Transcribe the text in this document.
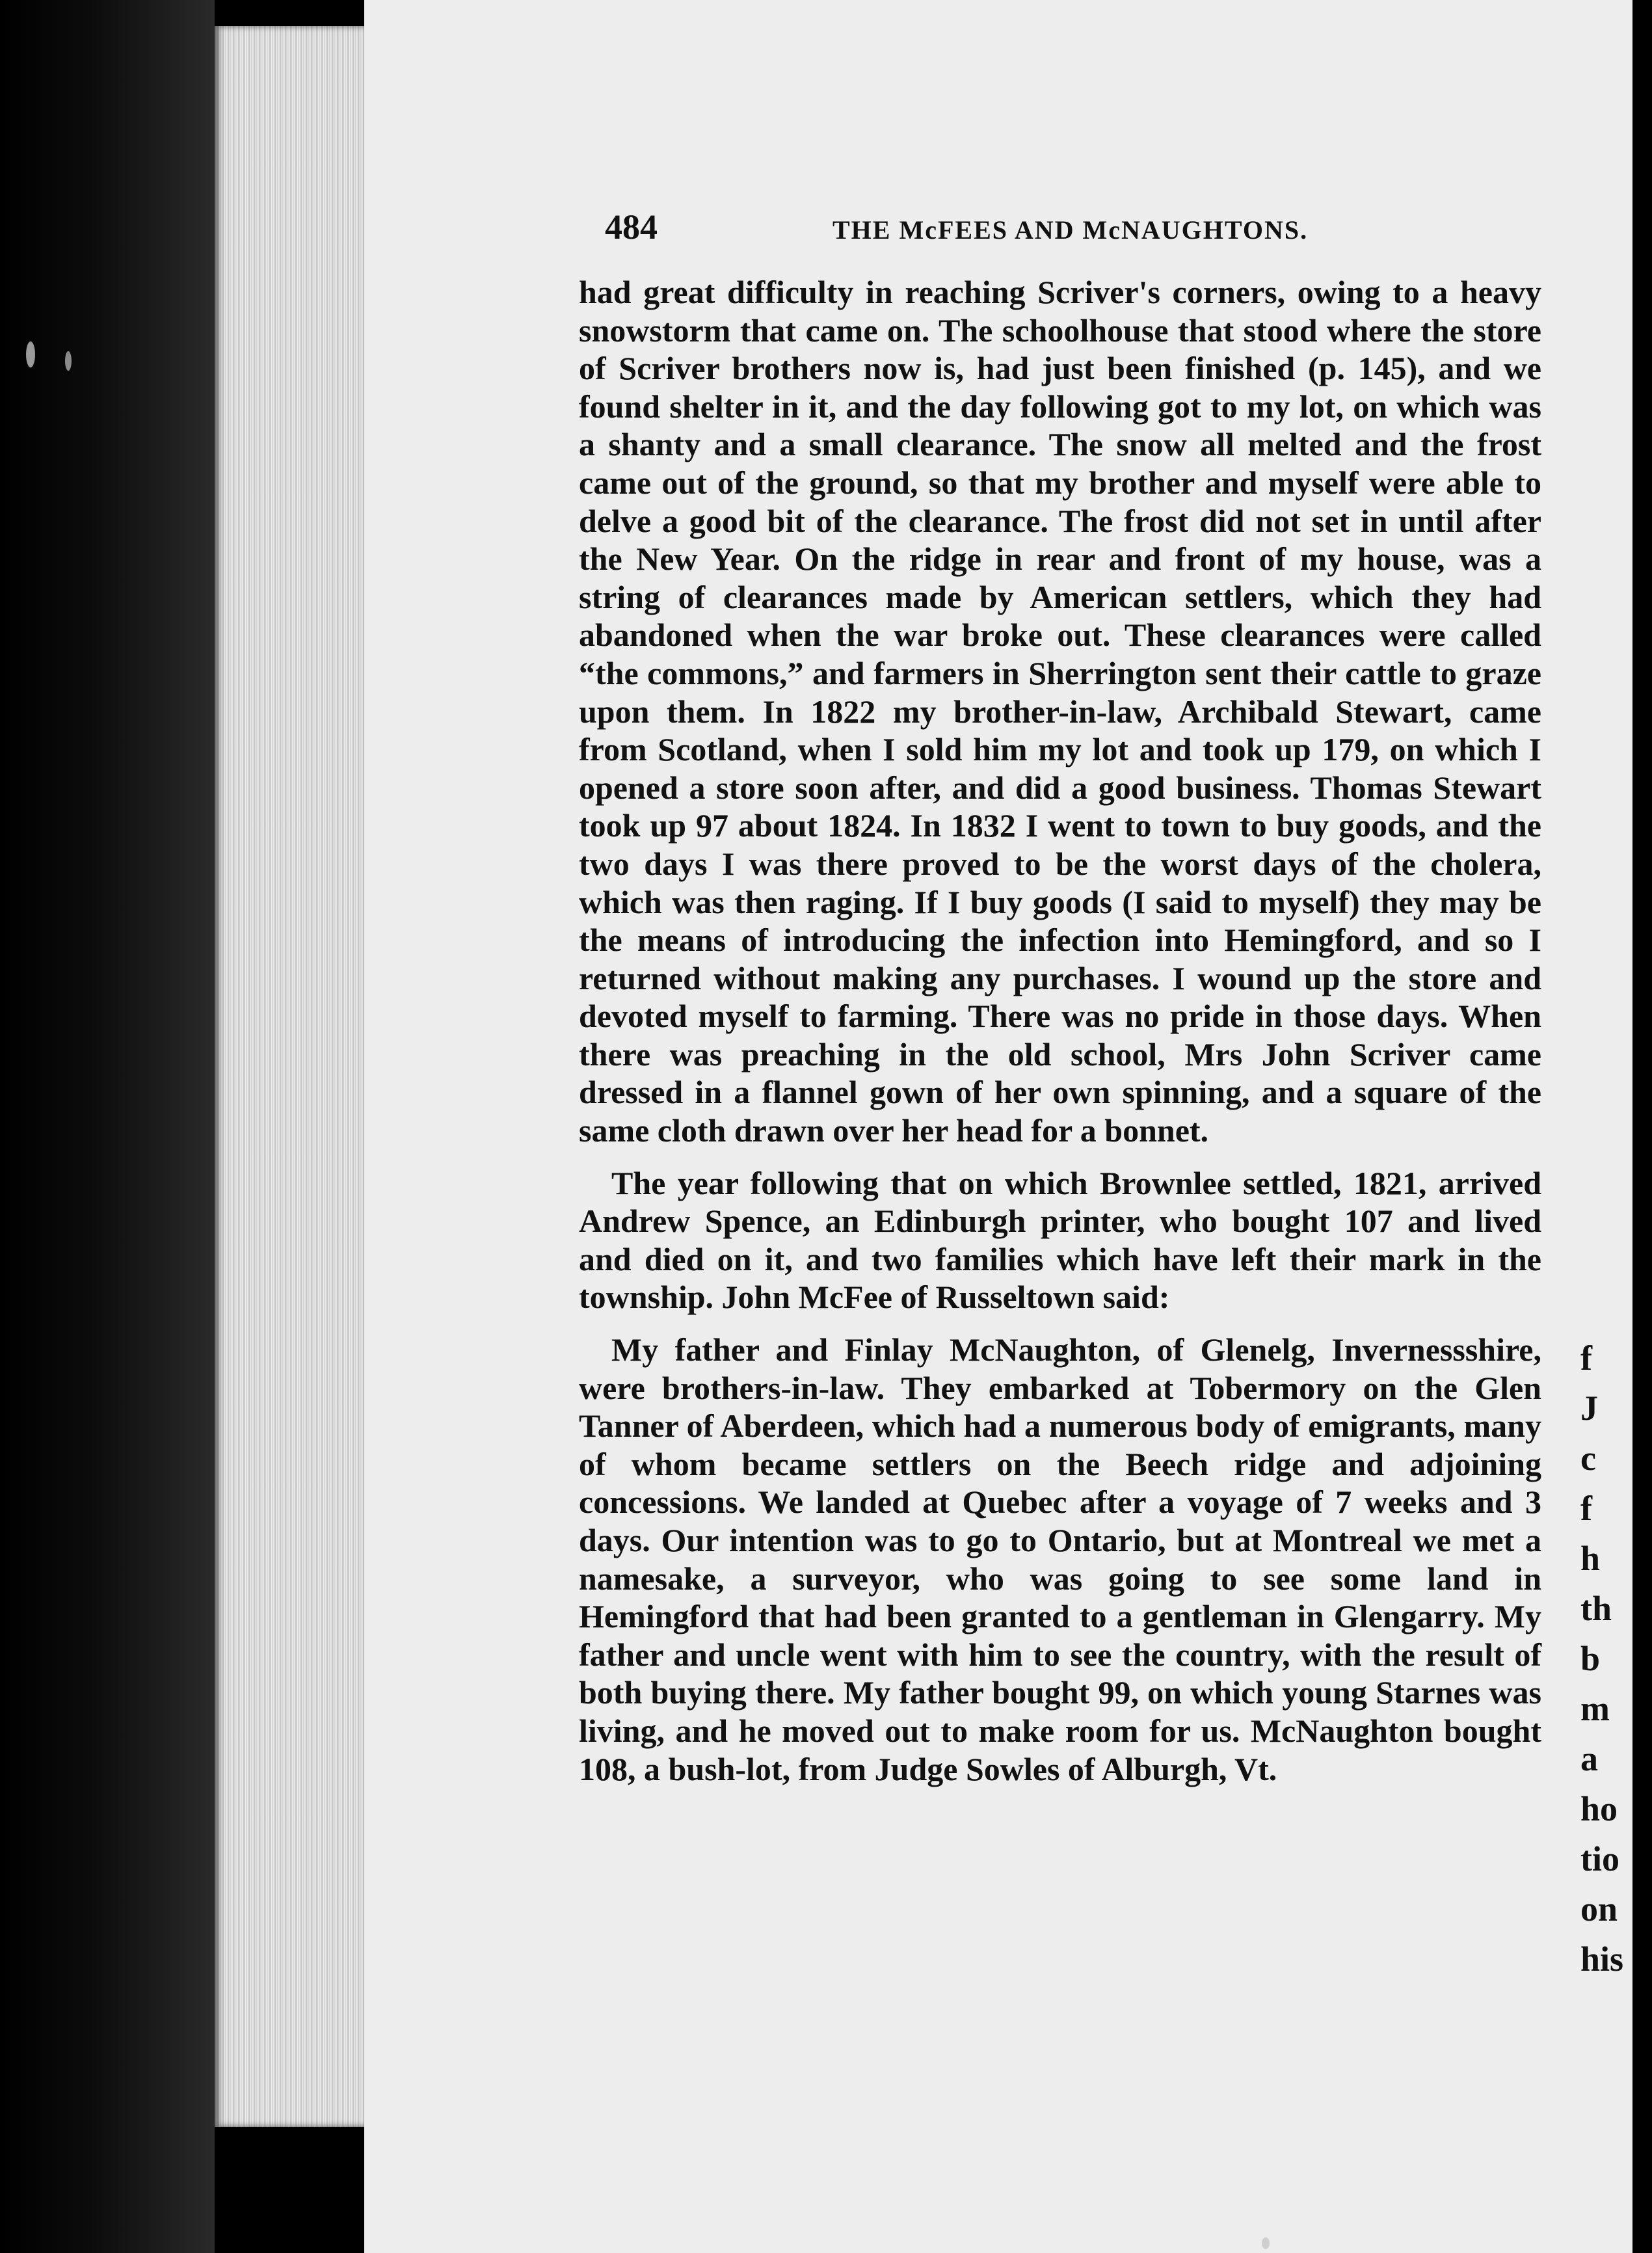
484	THE McFEES AND McNAUGHTONS.

had great difficulty in reaching Scriver's corners, owing to a heavy snowstorm that came on. The schoolhouse that stood where the store of Scriver brothers now is, had just been finished (p. 145), and we found shelter in it, and the day following got to my lot, on which was a shanty and a small clearance. The snow all melted and the frost came out of the ground, so that my brother and myself were able to delve a good bit of the clearance. The frost did not set in until after the New Year. On the ridge in rear and front of my house, was a string of clearances made by American settlers, which they had abandoned when the war broke out. These clearances were called “the commons,” and farmers in Sherrington sent their cattle to graze upon them. In 1822 my brother-in-law, Archibald Stewart, came from Scotland, when I sold him my lot and took up 179, on which I opened a store soon after, and did a good business. Thomas Stewart took up 97 about 1824. In 1832 I went to town to buy goods, and the two days I was there proved to be the worst days of the cholera, which was then raging. If I buy goods (I said to myself) they may be the means of introducing the infection into Hemingford, and so I returned without making any purchases. I wound up the store and devoted myself to farming. There was no pride in those days. When there was preaching in the old school, Mrs John Scriver came dressed in a flannel gown of her own spinning, and a square of the same cloth drawn over her head for a bonnet.

The year following that on which Brownlee settled, 1821, arrived Andrew Spence, an Edinburgh printer, who bought 107 and lived and died on it, and two families which have left their mark in the township. John McFee of Russeltown said:

My father and Finlay McNaughton, of Glenelg, Invernessshire, were brothers-in-law. They embarked at Tobermory on the Glen Tanner of Aberdeen, which had a numerous body of emigrants, many of whom became settlers on the Beech ridge and adjoining concessions. We landed at Quebec after a voyage of 7 weeks and 3 days. Our intention was to go to Ontario, but at Montreal we met a namesake, a surveyor, who was going to see some land in Hemingford that had been granted to a gentleman in Glengarry. My father and uncle went with him to see the country, with the result of both buying there. My father bought 99, on which young Starnes was living, and he moved out to make room for us. McNaughton bought 108, a bush-lot, from Judge Sowles of Alburgh, Vt.

f
J
c
f
h
th
b
m
a
ho
tio
on
his
